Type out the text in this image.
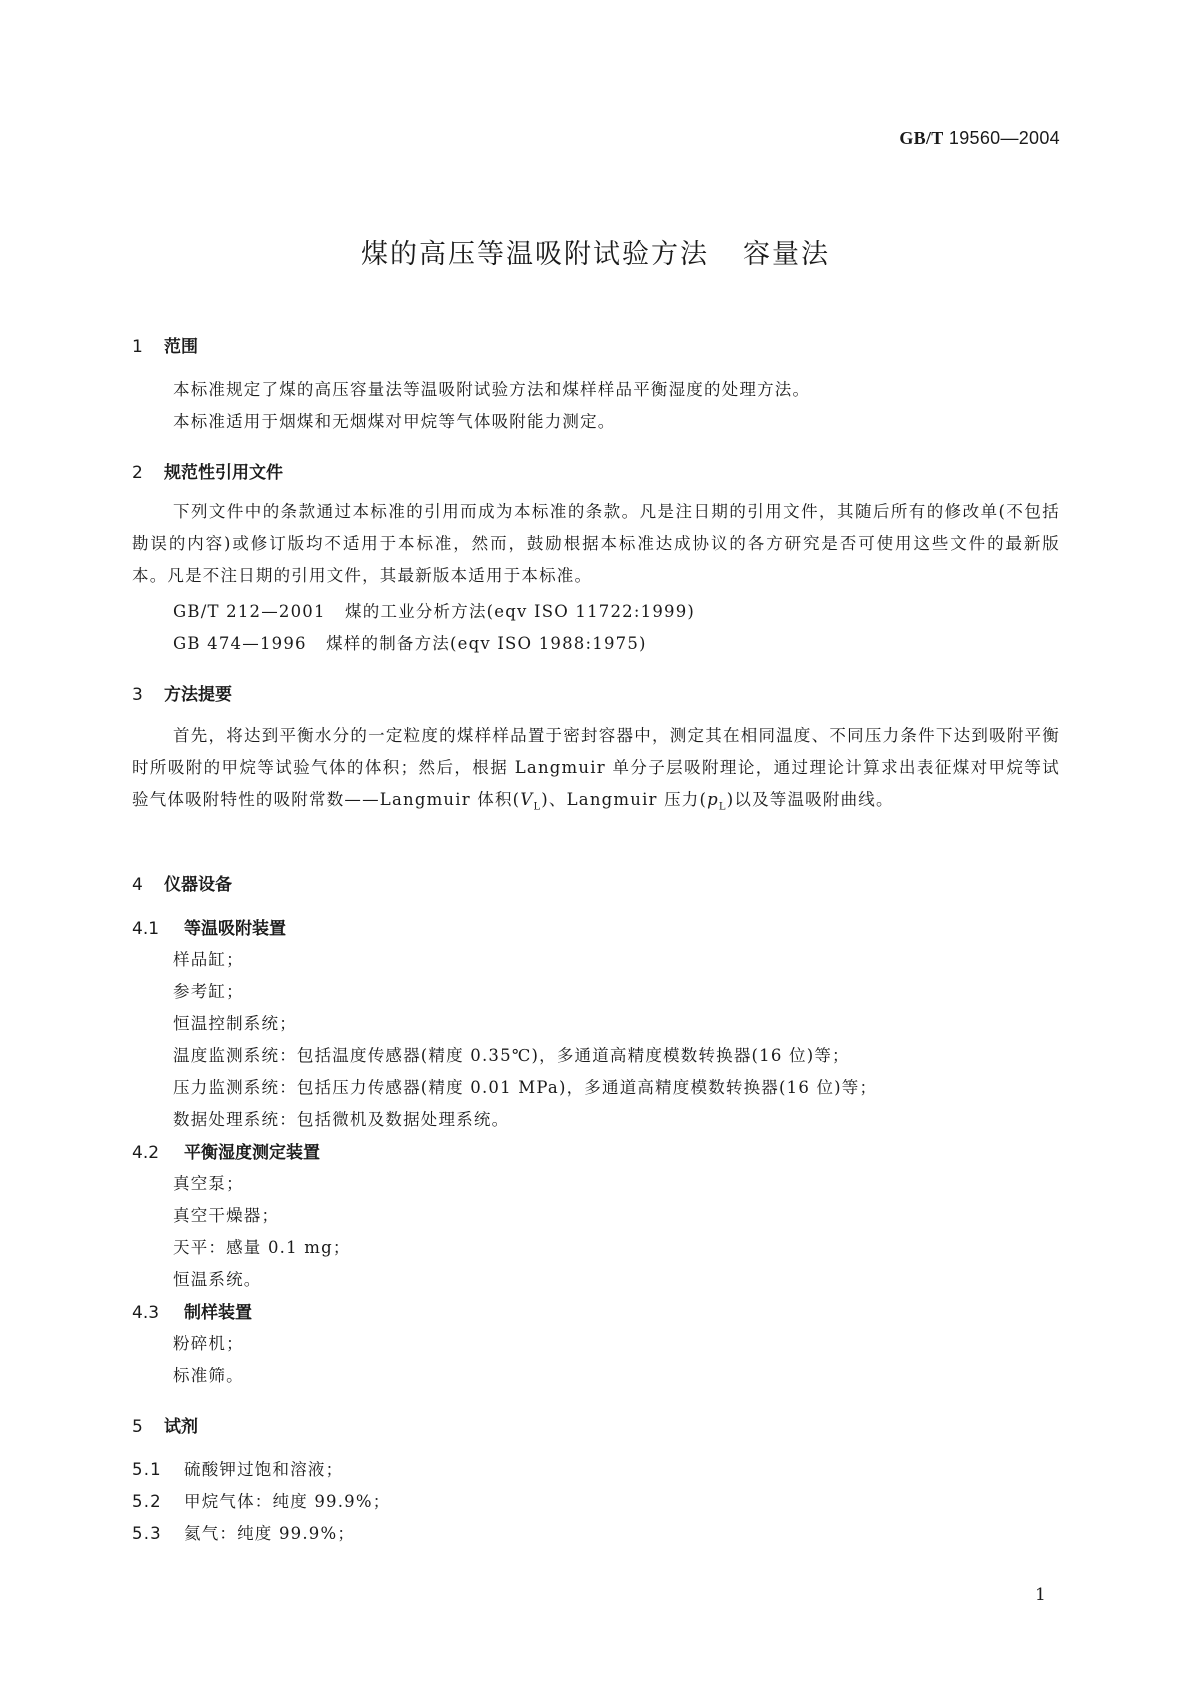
GB/T 19560—2004
煤的高压等温吸附试验方法 容量法
1 范围
本标准规定了煤的高压容量法等温吸附试验方法和煤样样品平衡湿度的处理方法。
本标准适用于烟煤和无烟煤对甲烷等气体吸附能力测定。
2 规范性引用文件
下列文件中的条款通过本标准的引用而成为本标准的条款。凡是注日期的引用文件，其随后所有的修改单(不包括勘误的内容)或修订版均不适用于本标准，然而，鼓励根据本标准达成协议的各方研究是否可使用这些文件的最新版本。凡是不注日期的引用文件，其最新版本适用于本标准。
GB/T 212—2001 煤的工业分析方法(eqv ISO 11722:1999)
GB 474—1996 煤样的制备方法(eqv ISO 1988:1975)
3 方法提要
首先，将达到平衡水分的一定粒度的煤样样品置于密封容器中，测定其在相同温度、不同压力条件下达到吸附平衡时所吸附的甲烷等试验气体的体积；然后，根据 Langmuir 单分子层吸附理论，通过理论计算求出表征煤对甲烷等试验气体吸附特性的吸附常数——Langmuir 体积$(V_L)$、Langmuir 压力$(p_L)$以及等温吸附曲线。
4 仪器设备
4.1 等温吸附装置
样品缸；
参考缸；
恒温控制系统；
温度监测系统：包括温度传感器(精度 0.35℃)，多通道高精度模数转换器(16 位)等；
压力监测系统：包括压力传感器(精度 0.01 MPa)，多通道高精度模数转换器(16 位)等；
数据处理系统：包括微机及数据处理系统。
4.2 平衡湿度测定装置
真空泵；
真空干燥器；
天平：感量 0.1 mg；
恒温系统。
4.3 制样装置
粉碎机；
标准筛。
5 试剂
5.1 硫酸钾过饱和溶液；
5.2 甲烷气体：纯度 99.9%；
5.3 氦气：纯度 99.9%；
1
